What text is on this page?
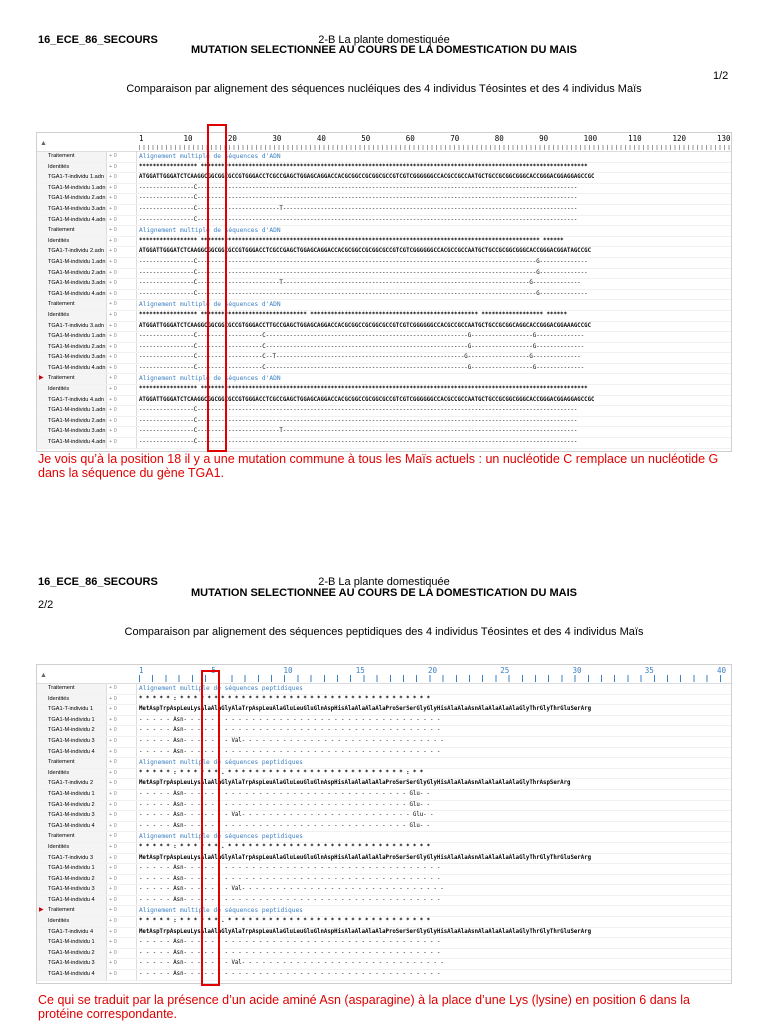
16_ECE_86_SECOURS	2-B La plante domestiquée
MUTATION SELECTIONNEE AU COURS DE LA DOMESTICATION DU MAIS
1/2
Comparaison par alignement des séquences nucléiques des 4 individus Téosintes et des 4 individus Maïs
▲
1	10	20	30	40	50	60	70	80	90	100	110	120	130
Traitement	+ 0	Alignement multiple de séquences d'ADN
Identités	+ 0	***************** *****************************************************************************************************************
TGA1-T-individu 1.adn + 0	ATGGATTGGGATCTCAAGGCGGCGGCGCCGTGGGACCTCGCCGAGCTGGAGCAGGACCACGCGGCCGCGGCGCCGTCGTCGGGGGGCCACGCCGCCAATGCTGCCGCGGCGGGCACCGGGACGGAGGAGCCGC
TGA1-M-individu 1.adn + 0	----------------C---------------------------------------------------------------------------------------------------------------
TGA1-M-individu 2.adn + 0	----------------C---------------------------------------------------------------------------------------------------------------
TGA1-M-individu 3.adn + 0	----------------C------------------------T--------------------------------------------------------------------------------------
TGA1-M-individu 4.adn + 0	----------------C---------------------------------------------------------------------------------------------------------------
Traitement	+ 0	Alignement multiple de séquences d'ADN
Identités	+ 0	***************** *************************************************************************************************** ******
TGA1-T-individu 2.adn + 0	ATGGATTGGGATCTCAAGGCGGCGGCGCCGTGGGACCTCGCCGAGCTGGAGCAGGACCACGCGGCCGCGGCGCCGTCGTCGGGGGGCCACGCCGCCAATGCTGCCGCGGCGGGCACCGGGACGGATAGCCGC
TGA1-M-individu 1.adn + 0	----------------C---------------------------------------------------------------------------------------------------G--------------
TGA1-M-individu 2.adn + 0	----------------C---------------------------------------------------------------------------------------------------G--------------
TGA1-M-individu 3.adn + 0	----------------C------------------------T------------------------------------------------------------------------G--------------
TGA1-M-individu 4.adn + 0	----------------C---------------------------------------------------------------------------------------------------G--------------
Traitement	+ 0	Alignement multiple de séquences d'ADN
Identités	+ 0	***************** ******************************* ************************************************* ****************** ******
TGA1-T-individu 3.adn + 0	ATGGATTGGGATCTCAAGGCGGCGGCGCCGTGGGACCTTGCCGAGCTGGAGCAGGACCACGCGGCCGCGGCGCCGTCGTCGGGGGGCCACGCCGCCAATGCTGCCGCGGCAGGCACCGGGACGGAAAGCCGC
TGA1-M-individu 1.adn + 0	----------------C-------------------C-----------------------------------------------------------G------------------G--------------
TGA1-M-individu 2.adn + 0	----------------C-------------------C-----------------------------------------------------------G------------------G--------------
TGA1-M-individu 3.adn + 0	----------------C-------------------C--T-------------------------------------------------------G------------------G--------------
TGA1-M-individu 4.adn + 0	----------------C-------------------C-----------------------------------------------------------G------------------G--------------
▶ Traitement	+ 0	Alignement multiple de séquences d'ADN
Identités	+ 0	***************** *****************************************************************************************************************
TGA1-T-individu 4.adn + 0	ATGGATTGGGATCTCAAGGCGGCGGCGCCGTGGGACCTCGCCGAGCTGGAGCAGGACCACGCGGCCGCGGCGCCGTCGTCGGGGGGCCACGCCGCCAATGCTGCCGCGGCGGGCACCGGGACGGAGGAGCCGC
TGA1-M-individu 1.adn + 0	----------------C---------------------------------------------------------------------------------------------------------------
TGA1-M-individu 2.adn + 0	----------------C---------------------------------------------------------------------------------------------------------------
TGA1-M-individu 3.adn + 0	----------------C------------------------T--------------------------------------------------------------------------------------
TGA1-M-individu 4.adn + 0	----------------C---------------------------------------------------------------------------------------------------------------
Je vois qu’à la position 18 il y a une mutation commune à tous les Maïs actuels : un nucléotide C remplace un nucléotide G dans la séquence du gène TGA1.
16_ECE_86_SECOURS	2-B La plante domestiquée
MUTATION SELECTIONNEE AU COURS DE LA DOMESTICATION DU MAIS
2/2
Comparaison par alignement des séquences peptidiques des 4 individus Téosintes et des 4 individus Maïs
▲
1	5	10	15	20	25	30	35	40
Traitement	+ 0	Alignement multiple de séquences peptidiques
Identités	+ 0	* * * * * : * * * * * * * * * * * * * * * * * * * * * * * * * * * * * * * * * * * * *
TGA1-T-individu 1	+ 0	MetAspTrpAspLeuLysAlaAlaGlyAlaTrpAspLeuAlaGluLeuGluGlnAspHisAlaAlaAlaAlaProSerSerGlyGlyHisAlaAlaAsnAlaAlaAlaAlaGlyThrGlyThrGluSerArg
TGA1-M-individu 1	+ 0	- - - - - Asn- - - - - - - - - - - - - - - - - - - - - - - - - - - - - - - - - - - - - -
TGA1-M-individu 2	+ 0	- - - - - Asn- - - - - - - - - - - - - - - - - - - - - - - - - - - - - - - - - - - - - -
TGA1-M-individu 3	+ 0	- - - - - Asn- - - - - - - Val- - - - - - - - - - - - - - - - - - - - - - - - - - - - - -
TGA1-M-individu 4	+ 0	- - - - - Asn- - - - - - - - - - - - - - - - - - - - - - - - - - - - - - - - - - - - - -
Traitement	+ 0	Alignement multiple de séquences peptidiques
Identités	+ 0	* * * * * : * * * * * * . * * * * * * * * * * * * * * * * * * * * * * * * * * : * *
TGA1-T-individu 2	+ 0	MetAspTrpAspLeuLysAlaAlaGlyAlaTrpAspLeuAlaGluLeuGluGlnAspHisAlaAlaAlaAlaProSerSerGlyGlyHisAlaAlaAsnAlaAlaAlaAlaGlyThrAspSerArg
TGA1-M-individu 1	+ 0	- - - - - Asn- - - - - - - - - - - - - - - - - - - - - - - - - - - - - - - - - Glu- -
TGA1-M-individu 2	+ 0	- - - - - Asn- - - - - - - - - - - - - - - - - - - - - - - - - - - - - - - - - Glu- -
TGA1-M-individu 3	+ 0	- - - - - Asn- - - - - - - Val- - - - - - - - - - - - - - - - - - - - - - - - - Glu- -
TGA1-M-individu 4	+ 0	- - - - - Asn- - - - - - - - - - - - - - - - - - - - - - - - - - - - - - - - - Glu- -
Traitement	+ 0	Alignement multiple de séquences peptidiques
Identités	+ 0	* * * * * : * * * * * * . * * * * * * * * * * * * * * * * * * * * * * * * * * * * * *
TGA1-T-individu 3	+ 0	MetAspTrpAspLeuLysAlaAlaGlyAlaTrpAspLeuAlaGluLeuGluGlnAspHisAlaAlaAlaAlaProSerSerGlyGlyHisAlaAlaAsnAlaAlaAlaAlaGlyThrGlyThrGluSerArg
TGA1-M-individu 1	+ 0	- - - - - Asn- - - - - - - - - - - - - - - - - - - - - - - - - - - - - - - - - - - - - -
TGA1-M-individu 2	+ 0	- - - - - Asn- - - - - - - - - - - - - - - - - - - - - - - - - - - - - - - - - - - - - -
TGA1-M-individu 3	+ 0	- - - - - Asn- - - - - - - Val- - - - - - - - - - - - - - - - - - - - - - - - - - - - - -
TGA1-M-individu 4	+ 0	- - - - - Asn- - - - - - - - - - - - - - - - - - - - - - - - - - - - - - - - - - - - - -
▶ Traitement	+ 0	Alignement multiple de séquences peptidiques
Identités	+ 0	* * * * * : * * * * * * . * * * * * * * * * * * * * * * * * * * * * * * * * * * * * *
TGA1-T-individu 4	+ 0	MetAspTrpAspLeuLysAlaAlaGlyAlaTrpAspLeuAlaGluLeuGluGlnAspHisAlaAlaAlaAlaProSerSerGlyGlyHisAlaAlaAsnAlaAlaAlaAlaGlyThrGlyThrGluSerArg
TGA1-M-individu 1	+ 0	- - - - - Asn- - - - - - - - - - - - - - - - - - - - - - - - - - - - - - - - - - - - - -
TGA1-M-individu 2	+ 0	- - - - - Asn- - - - - - - - - - - - - - - - - - - - - - - - - - - - - - - - - - - - - -
TGA1-M-individu 3	+ 0	- - - - - Asn- - - - - - - Val- - - - - - - - - - - - - - - - - - - - - - - - - - - - - -
TGA1-M-individu 4	+ 0	- - - - - Asn- - - - - - - - - - - - - - - - - - - - - - - - - - - - - - - - - - - - - -
Ce qui se traduit par la présence d’un acide aminé Asn (asparagine) à la place d’une Lys (lysine) en position 6 dans la protéine correspondante.
